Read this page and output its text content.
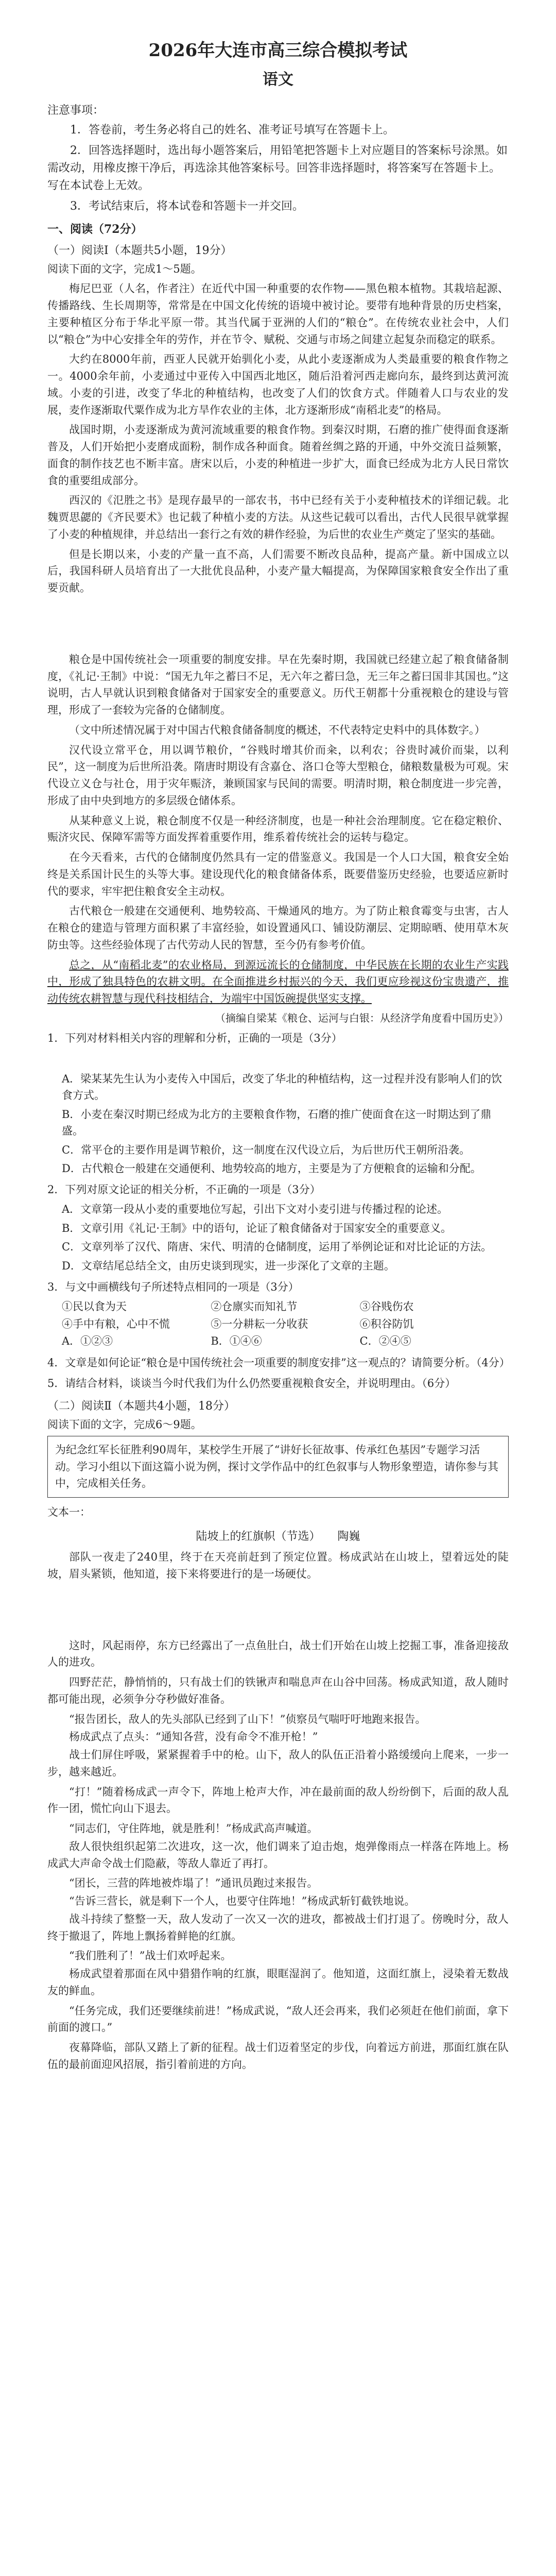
2026年大连市高三综合模拟考试
语文
注意事项：
1．答卷前，考生务必将自己的姓名、准考证号填写在答题卡上。
2．回答选择题时，选出每小题答案后，用铅笔把答题卡上对应题目的答案标号涂黑。如需改动，用橡皮擦干净后，再选涂其他答案标号。回答非选择题时，将答案写在答题卡上。写在本试卷上无效。
3．考试结束后，将本试卷和答题卡一并交回。
一、阅读（72分）
（一）阅读Ⅰ（本题共5小题，19分）
阅读下面的文字，完成1～5题。
梅尼巴亚（人名，作者注）在近代中国一种重要的农作物——黑色粮本植物。其栽培起源、传播路线、生长周期等，常常是在中国文化传统的语境中被讨论。要带有地种背景的历史档案，主要种植区分布于华北平原一带。其当代属于亚洲的人们的“粮仓”。在传统农业社会中，人们以“粮仓”为中心安排全年的劳作，并在节令、赋税、交通与市场之间建立起复杂而稳定的联系。
大约在8000年前，西亚人民就开始驯化小麦，从此小麦逐渐成为人类最重要的粮食作物之一。4000余年前，小麦通过中亚传入中国西北地区，随后沿着河西走廊向东，最终到达黄河流域。小麦的引进，改变了华北的种植结构，也改变了人们的饮食方式。伴随着人口与农业的发展，麦作逐渐取代粟作成为北方旱作农业的主体，北方逐渐形成“南稻北麦”的格局。
战国时期，小麦逐渐成为黄河流域重要的粮食作物。到秦汉时期，石磨的推广使得面食逐渐普及，人们开始把小麦磨成面粉，制作成各种面食。随着丝绸之路的开通，中外交流日益频繁，面食的制作技艺也不断丰富。唐宋以后，小麦的种植进一步扩大，面食已经成为北方人民日常饮食的重要组成部分。
西汉的《氾胜之书》是现存最早的一部农书，书中已经有关于小麦种植技术的详细记载。北魏贾思勰的《齐民要术》也记载了种植小麦的方法。从这些记载可以看出，古代人民很早就掌握了小麦的种植规律，并总结出一套行之有效的耕作经验，为后世的农业生产奠定了坚实的基础。
但是长期以来，小麦的产量一直不高，人们需要不断改良品种，提高产量。新中国成立以后，我国科研人员培育出了一大批优良品种，小麦产量大幅提高，为保障国家粮食安全作出了重要贡献。
粮仓是中国传统社会一项重要的制度安排。早在先秦时期，我国就已经建立起了粮食储备制度，《礼记·王制》中说：“国无九年之蓄曰不足，无六年之蓄曰急，无三年之蓄曰国非其国也。”这说明，古人早就认识到粮食储备对于国家安全的重要意义。历代王朝都十分重视粮仓的建设与管理，形成了一套较为完备的仓储制度。
（文中所述情况属于对中国古代粮食储备制度的概述，不代表特定史料中的具体数字。）
汉代设立常平仓，用以调节粮价，“谷贱时增其价而籴，以利农；谷贵时减价而粜，以利民”，这一制度为后世所沿袭。隋唐时期设有含嘉仓、洛口仓等大型粮仓，储粮数量极为可观。宋代设立义仓与社仓，用于灾年赈济，兼顾国家与民间的需要。明清时期，粮仓制度进一步完善，形成了由中央到地方的多层级仓储体系。
从某种意义上说，粮仓制度不仅是一种经济制度，也是一种社会治理制度。它在稳定粮价、赈济灾民、保障军需等方面发挥着重要作用，维系着传统社会的运转与稳定。
在今天看来，古代的仓储制度仍然具有一定的借鉴意义。我国是一个人口大国，粮食安全始终是关系国计民生的头等大事。建设现代化的粮食储备体系，既要借鉴历史经验，也要适应新时代的要求，牢牢把住粮食安全主动权。
古代粮仓一般建在交通便利、地势较高、干燥通风的地方。为了防止粮食霉变与虫害，古人在粮仓的建造与管理方面积累了丰富经验，如设置通风口、铺设防潮层、定期晾晒、使用草木灰防虫等。这些经验体现了古代劳动人民的智慧，至今仍有参考价值。
总之，从“南稻北麦”的农业格局，到源远流长的仓储制度，中华民族在长期的农业生产实践中，形成了独具特色的农耕文明。在全面推进乡村振兴的今天，我们更应珍视这份宝贵遗产，推动传统农耕智慧与现代科技相结合，为端牢中国饭碗提供坚实支撑。
（摘编自梁某《粮仓、运河与白银：从经济学角度看中国历史》）
1．下列对材料相关内容的理解和分析，正确的一项是（3分）
A．梁某某先生认为小麦传入中国后，改变了华北的种植结构，这一过程并没有影响人们的饮食方式。
B．小麦在秦汉时期已经成为北方的主要粮食作物，石磨的推广使面食在这一时期达到了鼎盛。
C．常平仓的主要作用是调节粮价，这一制度在汉代设立后，为后世历代王朝所沿袭。
D．古代粮仓一般建在交通便利、地势较高的地方，主要是为了方便粮食的运输和分配。
2．下列对原文论证的相关分析，不正确的一项是（3分）
A．文章第一段从小麦的重要地位写起，引出下文对小麦引进与传播过程的论述。
B．文章引用《礼记·王制》中的语句，论证了粮食储备对于国家安全的重要意义。
C．文章列举了汉代、隋唐、宋代、明清的仓储制度，运用了举例论证和对比论证的方法。
D．文章结尾总结全文，由历史谈到现实，进一步深化了文章的主题。
3．与文中画横线句子所述特点相同的一项是（3分）
①民以食为天	②仓廪实而知礼节	③谷贱伤农
④手中有粮，心中不慌	⑤一分耕耘一分收获	⑥积谷防饥
A．①②③	B．①④⑥	C．②④⑤
4．文章是如何论证“粮仓是中国传统社会一项重要的制度安排”这一观点的？请简要分析。（4分）
5．请结合材料，谈谈当今时代我们为什么仍然要重视粮食安全，并说明理由。（6分）
（二）阅读Ⅱ（本题共4小题，18分）
阅读下面的文字，完成6～9题。
为纪念红军长征胜利90周年，某校学生开展了“讲好长征故事、传承红色基因”专题学习活动。学习小组以下面这篇小说为例，探讨文学作品中的红色叙事与人物形象塑造，请你参与其中，完成相关任务。
文本一：
陆坡上的红旗帜（节选）　　陶巍
部队一夜走了240里，终于在天亮前赶到了预定位置。杨成武站在山坡上，望着远处的陡坡，眉头紧锁，他知道，接下来将要进行的是一场硬仗。
这时，风起雨停，东方已经露出了一点鱼肚白，战士们开始在山坡上挖掘工事，准备迎接敌人的进攻。
四野茫茫，静悄悄的，只有战士们的铁锹声和喘息声在山谷中回荡。杨成武知道，敌人随时都可能出现，必须争分夺秒做好准备。
“报告团长，敌人的先头部队已经到了山下！”侦察员气喘吁吁地跑来报告。
杨成武点了点头：“通知各营，没有命令不准开枪！”
战士们屏住呼吸，紧紧握着手中的枪。山下，敌人的队伍正沿着小路缓缓向上爬来，一步一步，越来越近。
“打！”随着杨成武一声令下，阵地上枪声大作，冲在最前面的敌人纷纷倒下，后面的敌人乱作一团，慌忙向山下退去。
“同志们，守住阵地，就是胜利！”杨成武高声喊道。
敌人很快组织起第二次进攻，这一次，他们调来了迫击炮，炮弹像雨点一样落在阵地上。杨成武大声命令战士们隐蔽，等敌人靠近了再打。
“团长，三营的阵地被炸塌了！”通讯员跑过来报告。
“告诉三营长，就是剩下一个人，也要守住阵地！”杨成武斩钉截铁地说。
战斗持续了整整一天，敌人发动了一次又一次的进攻，都被战士们打退了。傍晚时分，敌人终于撤退了，阵地上飘扬着鲜艳的红旗。
“我们胜利了！”战士们欢呼起来。
杨成武望着那面在风中猎猎作响的红旗，眼眶湿润了。他知道，这面红旗上，浸染着无数战友的鲜血。
“任务完成，我们还要继续前进！”杨成武说，“敌人还会再来，我们必须赶在他们前面，拿下前面的渡口。”
夜幕降临，部队又踏上了新的征程。战士们迈着坚定的步伐，向着远方前进，那面红旗在队伍的最前面迎风招展，指引着前进的方向。
